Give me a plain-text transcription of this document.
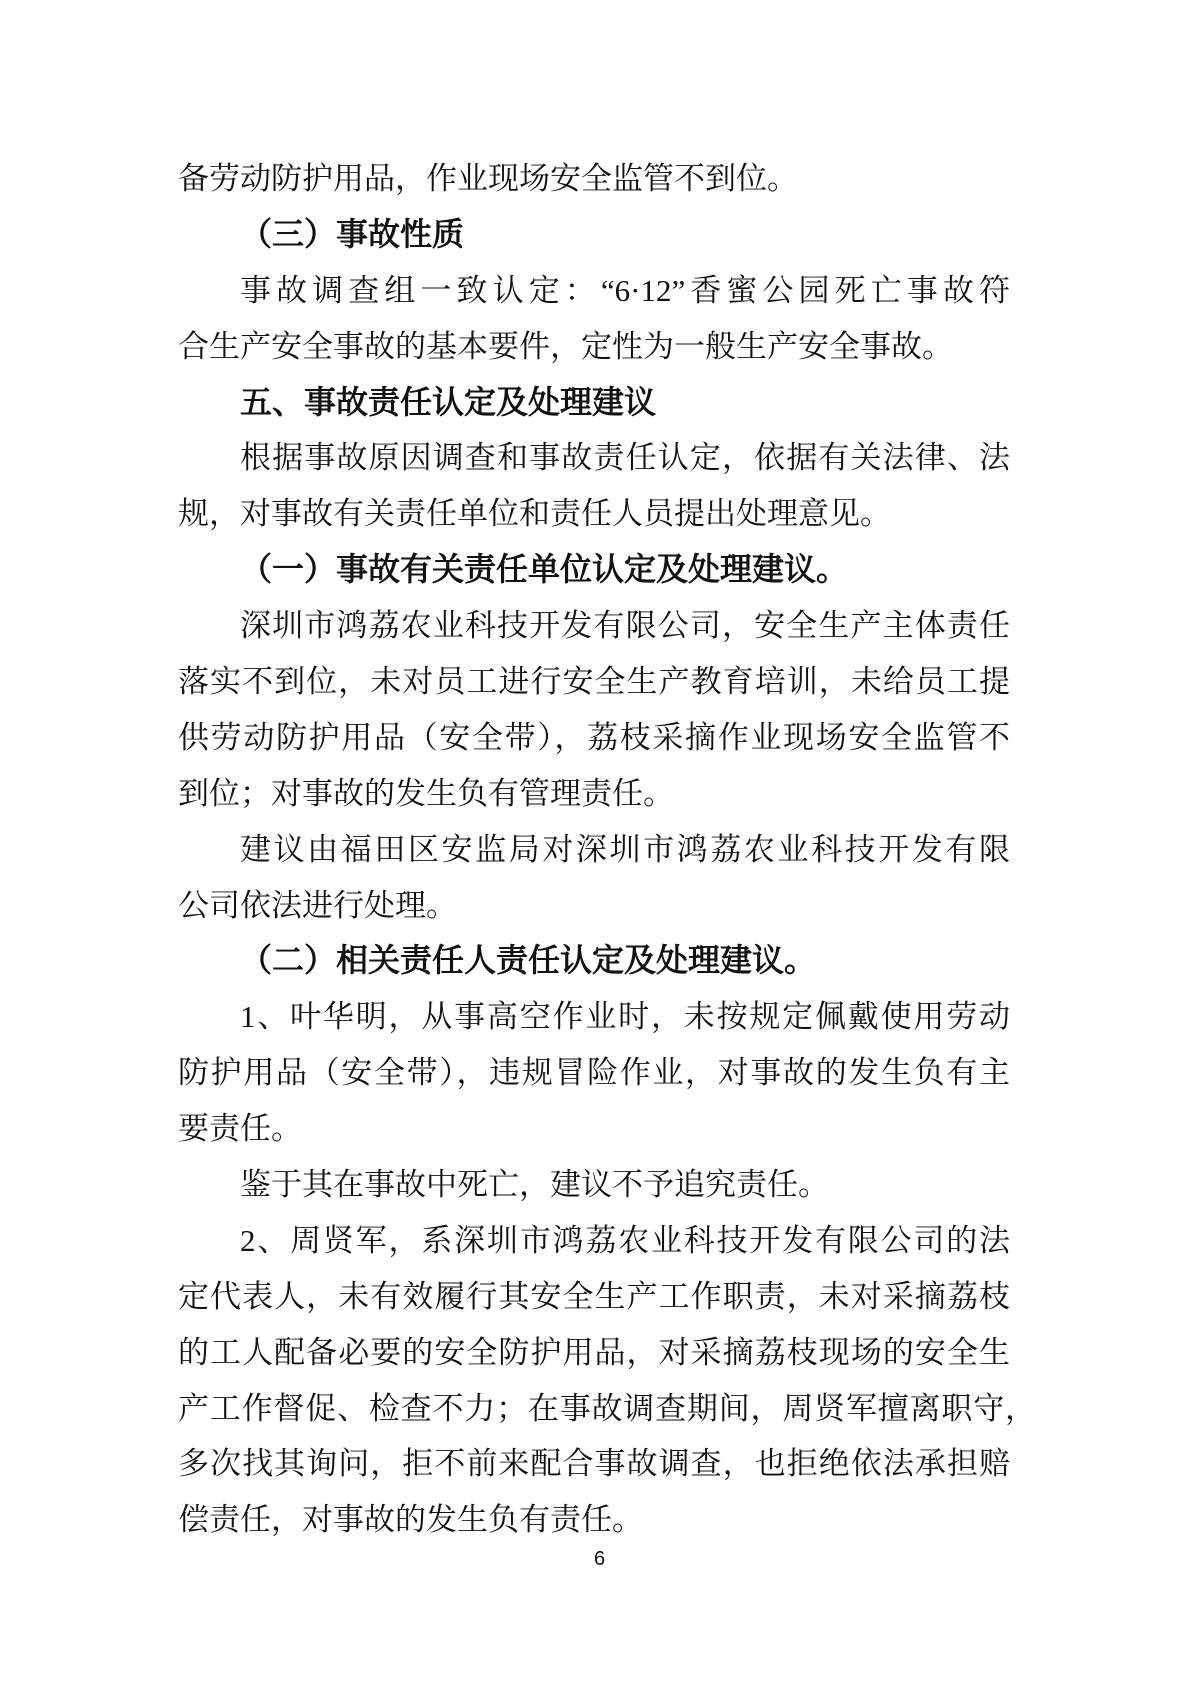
备劳动防护用品，作业现场安全监管不到位。
（三）事故性质
事故调查组一致认定：“6·12”香蜜公园死亡事故符
合生产安全事故的基本要件，定性为一般生产安全事故。
五、事故责任认定及处理建议
根据事故原因调查和事故责任认定，依据有关法律、法
规，对事故有关责任单位和责任人员提出处理意见。
（一）事故有关责任单位认定及处理建议。
深圳市鸿荔农业科技开发有限公司，安全生产主体责任
落实不到位，未对员工进行安全生产教育培训，未给员工提
供劳动防护用品（安全带），荔枝采摘作业现场安全监管不
到位；对事故的发生负有管理责任。
建议由福田区安监局对深圳市鸿荔农业科技开发有限
公司依法进行处理。
（二）相关责任人责任认定及处理建议。
1、叶华明，从事高空作业时，未按规定佩戴使用劳动
防护用品（安全带），违规冒险作业，对事故的发生负有主
要责任。
鉴于其在事故中死亡，建议不予追究责任。
2、周贤军，系深圳市鸿荔农业科技开发有限公司的法
定代表人，未有效履行其安全生产工作职责，未对采摘荔枝
的工人配备必要的安全防护用品，对采摘荔枝现场的安全生
产工作督促、检查不力；在事故调查期间，周贤军擅离职守，
多次找其询问，拒不前来配合事故调查，也拒绝依法承担赔
偿责任，对事故的发生负有责任。
6
